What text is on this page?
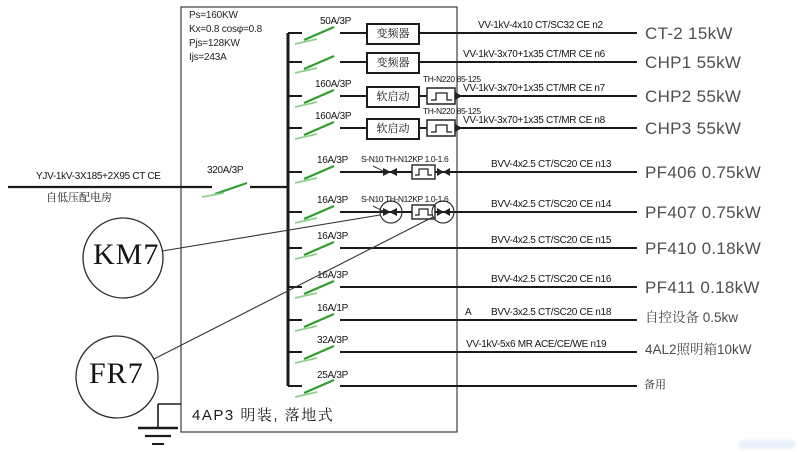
Ps=160KW
Kx=0.8 cosφ=0.8
Pjs=128KW
Ijs=243A
YJV-1kV-3X185+2X95 CT CE
自低压配电房
320A/3P
KM7
FR7
50A/3P
160A/3P
160A/3P
16A/3P
16A/3P
16A/3P
16A/3P
16A/1P
32A/3P
25A/3P
变频器
变频器
软启动
软启动
TH-N220 85-125
TH-N220 85-125
S-N10 TH-N12KP 1.0-1.6
S-N10 TH-N12KP 1.0-1.6
VV-1kV-4x10 CT/SC32 CE n2
VV-1kV-3x70+1x35 CT/MR CE n6
VV-1kV-3x70+1x35 CT/MR CE n7
VV-1kV-3x70+1x35 CT/MR CE n8
BVV-4x2.5 CT/SC20 CE n13
BVV-4x2.5 CT/SC20 CE n14
BVV-4x2.5 CT/SC20 CE n15
BVV-4x2.5 CT/SC20 CE n16
A BVV-3x2.5 CT/SC20 CE n18
VV-1kV-5x6 MR ACE/CE/WE n19
CT-2 15kW
CHP1 55kW
CHP2 55kW
CHP3 55kW
PF406 0.75kW
PF407 0.75kW
PF410 0.18kW
PF411 0.18kW
自控设备 0.5kw
4AL2照明箱10kW
备用
4AP3 明装, 落地式
